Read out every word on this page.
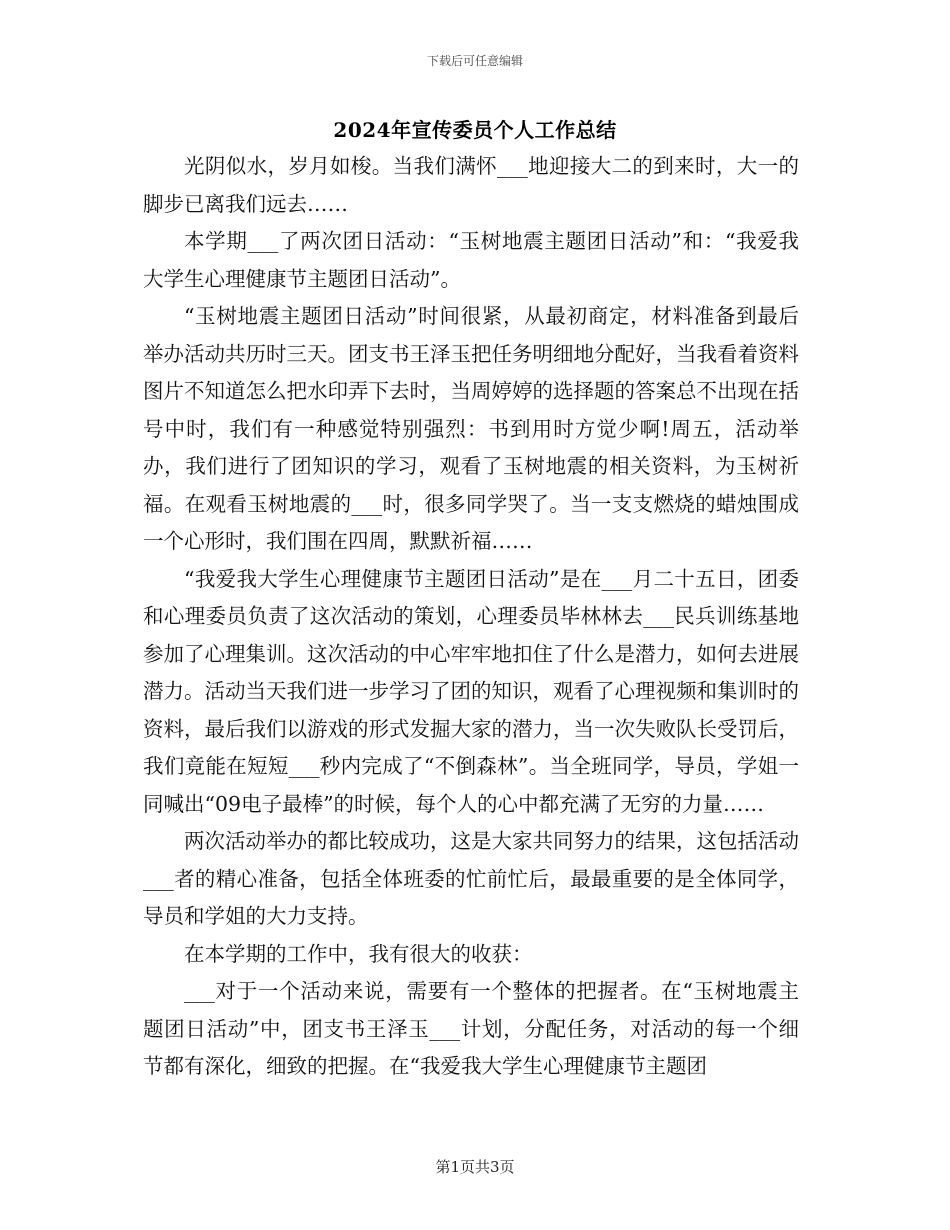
下载后可任意编辑
2024年宣传委员个人工作总结

光阴似水，岁月如梭。当我们满怀___地迎接大二的到来时，大一的脚步已离我们远去……

本学期___了两次团日活动：“玉树地震主题团日活动”和：“我爱我大学生心理健康节主题团日活动”。

“玉树地震主题团日活动”时间很紧，从最初商定，材料准备到最后举办活动共历时三天。团支书王泽玉把任务明细地分配好，当我看着资料图片不知道怎么把水印弄下去时，当周婷婷的选择题的答案总不出现在括号中时，我们有一种感觉特别强烈：书到用时方觉少啊!周五，活动举办，我们进行了团知识的学习，观看了玉树地震的相关资料，为玉树祈福。在观看玉树地震的___时，很多同学哭了。当一支支燃烧的蜡烛围成一个心形时，我们围在四周，默默祈福……

“我爱我大学生心理健康节主题团日活动”是在___月二十五日，团委和心理委员负责了这次活动的策划，心理委员毕林林去___民兵训练基地参加了心理集训。这次活动的中心牢牢地扣住了什么是潜力，如何去进展潜力。活动当天我们进一步学习了团的知识，观看了心理视频和集训时的资料，最后我们以游戏的形式发掘大家的潜力，当一次失败队长受罚后，我们竟能在短短___秒内完成了“不倒森林”。当全班同学，导员，学姐一同喊出“09电子最棒”的时候，每个人的心中都充满了无穷的力量……

两次活动举办的都比较成功，这是大家共同努力的结果，这包括活动___者的精心准备，包括全体班委的忙前忙后，最最重要的是全体同学，导员和学姐的大力支持。

在本学期的工作中，我有很大的收获：

___对于一个活动来说，需要有一个整体的把握者。在“玉树地震主题团日活动”中，团支书王泽玉___计划，分配任务，对活动的每一个细节都有深化，细致的把握。在“我爱我大学生心理健康节主题团

第1页共3页
